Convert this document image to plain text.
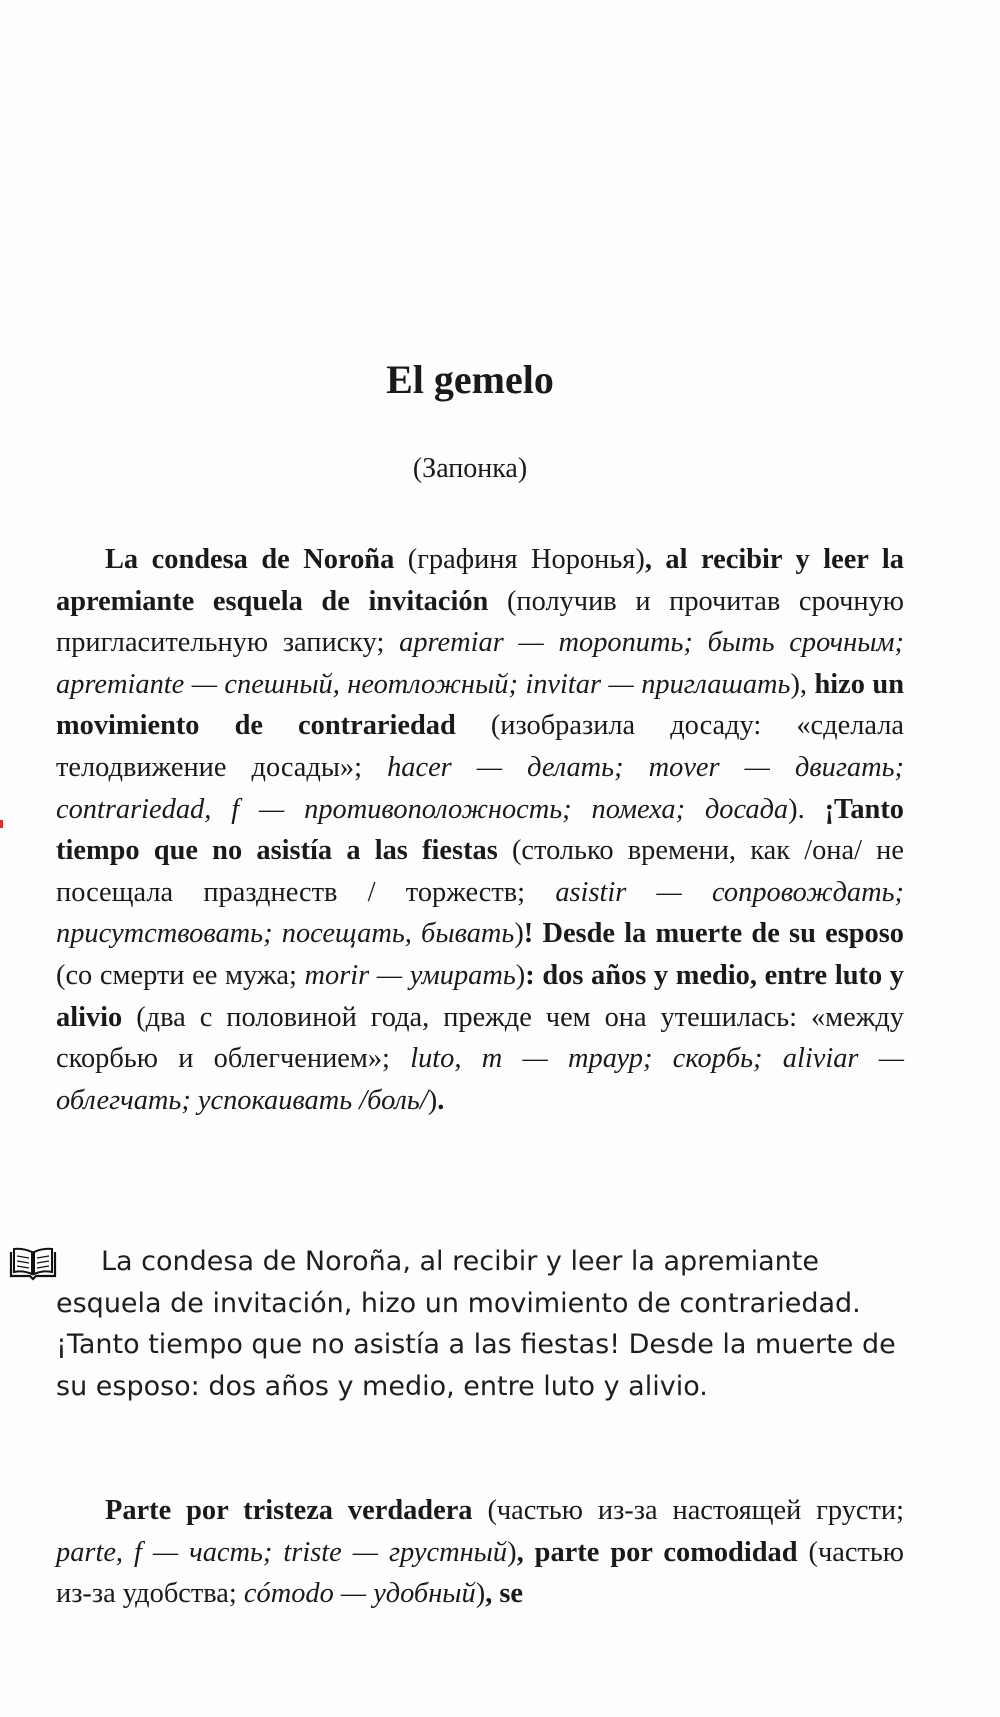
El gemelo
(Запонка)
La condesa de Noroña (графиня Норонья), al recibir y leer la apremiante esquela de invitación (получив и прочитав срочную пригласительную записку; apremiar — торопить; быть срочным; apremiante — спешный, неотложный; invitar — приглашать), hizo un movimiento de contrariedad (изобразила досаду: «сделала телодвижение досады»; hacer — делать; mover — двигать; contrariedad, f — противоположность; помеха; досада). ¡Tanto tiempo que no asistía a las fiestas (столько времени, как /она/ не посещала празднеств / торжеств; asistir — сопровождать; присутствовать; посещать, бывать)! Desde la muerte de su esposo (со смерти ее мужа; morir — умирать): dos años y medio, entre luto y alivio (два с половиной года, прежде чем она утешилась: «между скорбью и облегчением»; luto, m — траур; скорбь; aliviar — облегчать; успокаивать /боль/).
La condesa de Noroña, al recibir y leer la apremiante esquela de invitación, hizo un movimiento de contrariedad. ¡Tanto tiempo que no asistía a las fiestas! Desde la muerte de su esposo: dos años y medio, entre luto y alivio.
Parte por tristeza verdadera (частью из-за настоящей грусти; parte, f — часть; triste — грустный), parte por comodidad (частью из-за удобства; cómodo — удобный), se
